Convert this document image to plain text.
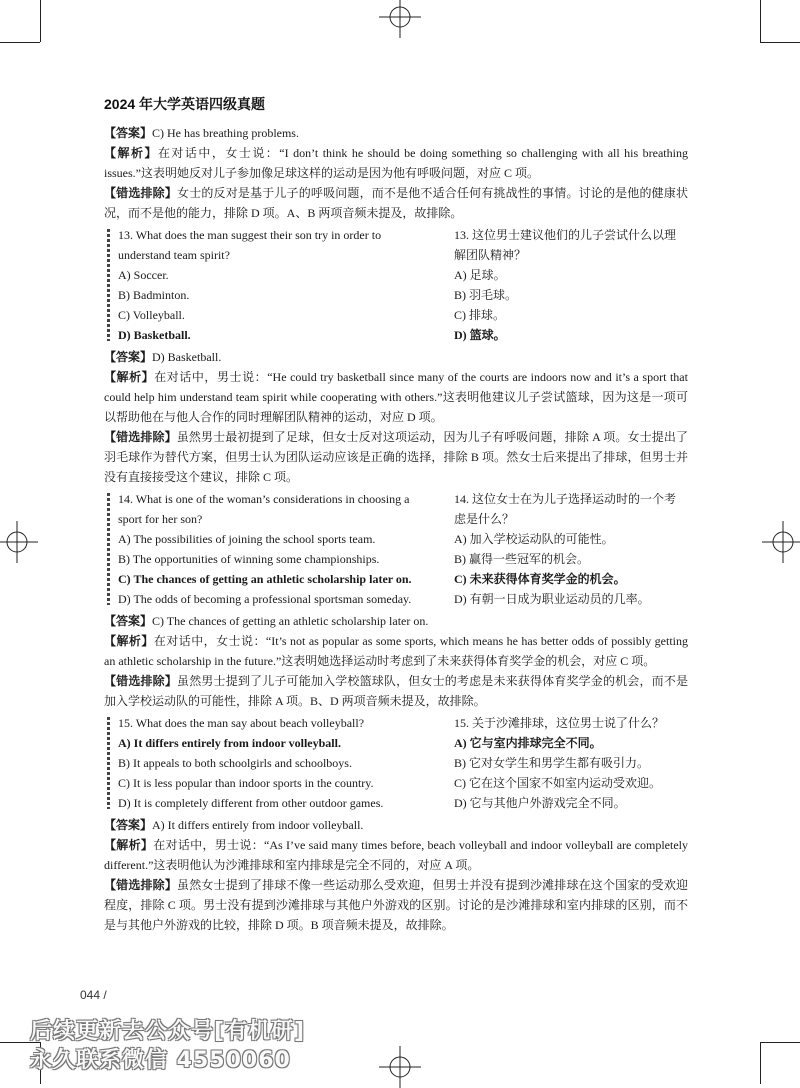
2024 年大学英语四级真题

【答案】C) He has breathing problems.

【解析】在对话中，女士说：“I don’t think he should be doing something so challenging with all his breathing issues.”这表明她反对儿子参加像足球这样的运动是因为他有呼吸问题，对应 C 项。

【错选排除】女士的反对是基于儿子的呼吸问题，而不是他不适合任何有挑战性的事情。讨论的是他的健康状况，而不是他的能力，排除 D 项。A、B 两项音频未提及，故排除。

13. What does the man suggest their son try in order to
understand team spirit?
A) Soccer.
B) Badminton.
C) Volleyball.
D) Basketball.
13. 这位男士建议他们的儿子尝试什么以理
解团队精神？
A) 足球。
B) 羽毛球。
C) 排球。
D) 篮球。

【答案】D) Basketball.

【解析】在对话中，男士说：“He could try basketball since many of the courts are indoors now and it’s a sport that could help him understand team spirit while cooperating with others.”这表明他建议儿子尝试篮球，因为这是一项可以帮助他在与他人合作的同时理解团队精神的运动，对应 D 项。

【错选排除】虽然男士最初提到了足球，但女士反对这项运动，因为儿子有呼吸问题，排除 A 项。女士提出了羽毛球作为替代方案，但男士认为团队运动应该是正确的选择，排除 B 项。然女士后来提出了排球，但男士并没有直接接受这个建议，排除 C 项。

14. What is one of the woman’s considerations in choosing a
sport for her son?
A) The possibilities of joining the school sports team.
B) The opportunities of winning some championships.
C) The chances of getting an athletic scholarship later on.
D) The odds of becoming a professional sportsman someday.
14. 这位女士在为儿子选择运动时的一个考
虑是什么？
A) 加入学校运动队的可能性。
B) 赢得一些冠军的机会。
C) 未来获得体育奖学金的机会。
D) 有朝一日成为职业运动员的几率。

【答案】C) The chances of getting an athletic scholarship later on.

【解析】在对话中，女士说：“It’s not as popular as some sports, which means he has better odds of possibly getting an athletic scholarship in the future.”这表明她选择运动时考虑到了未来获得体育奖学金的机会，对应 C 项。

【错选排除】虽然男士提到了儿子可能加入学校篮球队，但女士的考虑是未来获得体育奖学金的机会，而不是加入学校运动队的可能性，排除 A 项。B、D 两项音频未提及，故排除。

15. What does the man say about beach volleyball?
A) It differs entirely from indoor volleyball.
B) It appeals to both schoolgirls and schoolboys.
C) It is less popular than indoor sports in the country.
D) It is completely different from other outdoor games.
15. 关于沙滩排球，这位男士说了什么？
A) 它与室内排球完全不同。
B) 它对女学生和男学生都有吸引力。
C) 它在这个国家不如室内运动受欢迎。
D) 它与其他户外游戏完全不同。

【答案】A) It differs entirely from indoor volleyball.

【解析】在对话中，男士说：“As I’ve said many times before, beach volleyball and indoor volleyball are completely different.”这表明他认为沙滩排球和室内排球是完全不同的，对应 A 项。

【错选排除】虽然女士提到了排球不像一些运动那么受欢迎，但男士并没有提到沙滩排球在这个国家的受欢迎程度，排除 C 项。男士没有提到沙滩排球与其他户外游戏的区别。讨论的是沙滩排球和室内排球的区别，而不是与其他户外游戏的比较，排除 D 项。B 项音频未提及，故排除。

044 /
后续更新去公众号[有机研]
永久联系微信 4550060
